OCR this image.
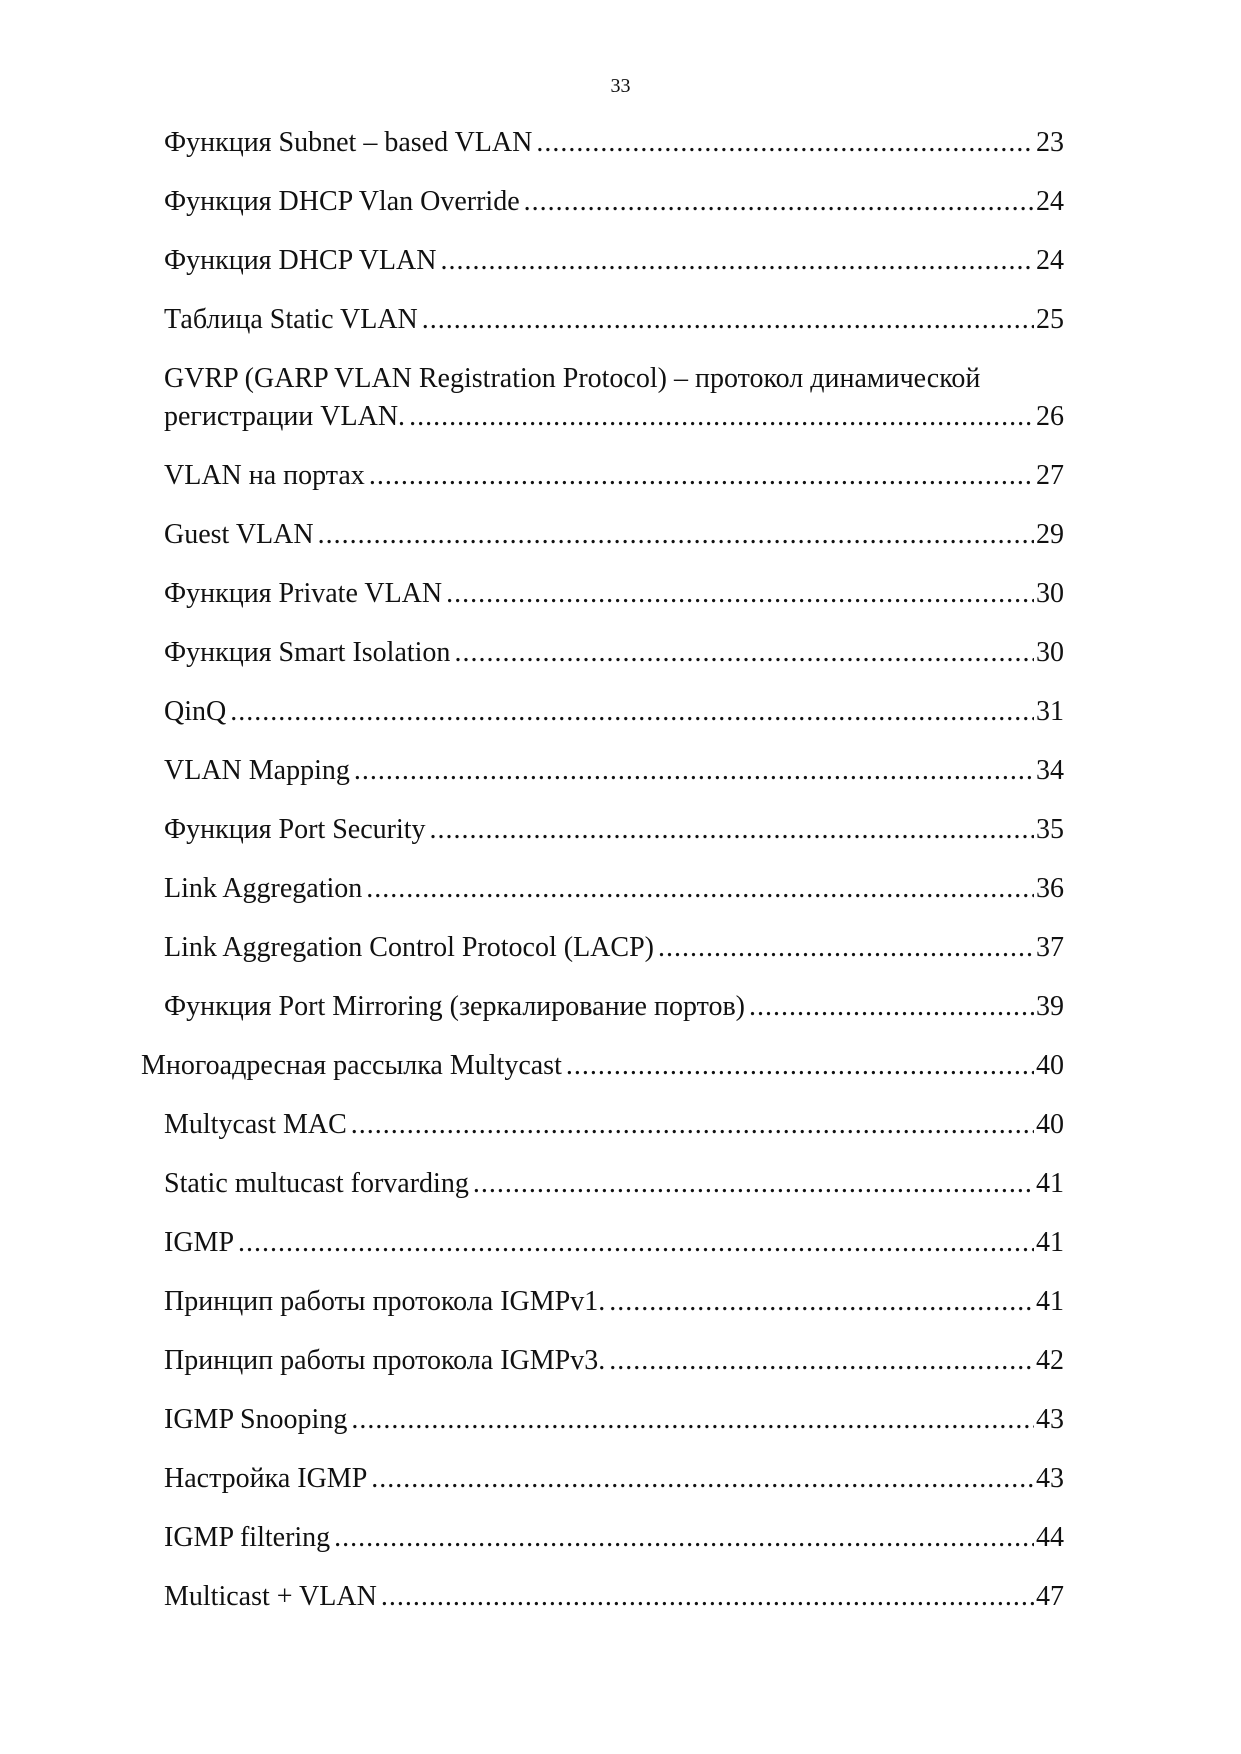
33
Функция Subnet – based VLAN .....	23
Функция DHCP Vlan Override .....	24
Функция DHCP VLAN .....	24
Таблица Static VLAN .....	25
GVRP (GARP VLAN Registration Protocol) – протокол динамической
регистрации VLAN. .....	26
VLAN на портах .....	27
Guest VLAN .....	29
Функция Private VLAN .....	30
Функция Smart Isolation .....	30
QinQ .....	31
VLAN Mapping .....	34
Функция Port Security .....	35
Link Aggregation .....	36
Link Aggregation Control Protocol (LACP) .....	37
Функция Port Mirroring (зеркалирование портов) .....	39
Многоадресная рассылка Multycast .....	40
Multycast MAC .....	40
Static multucast forvarding .....	41
IGMP .....	41
Принцип работы протокола IGMPv1. .....	41
Принцип работы протокола IGMPv3. .....	42
IGMP Snooping .....	43
Настройка IGMP .....	43
IGMP filtering .....	44
Multicast + VLAN .....	47
